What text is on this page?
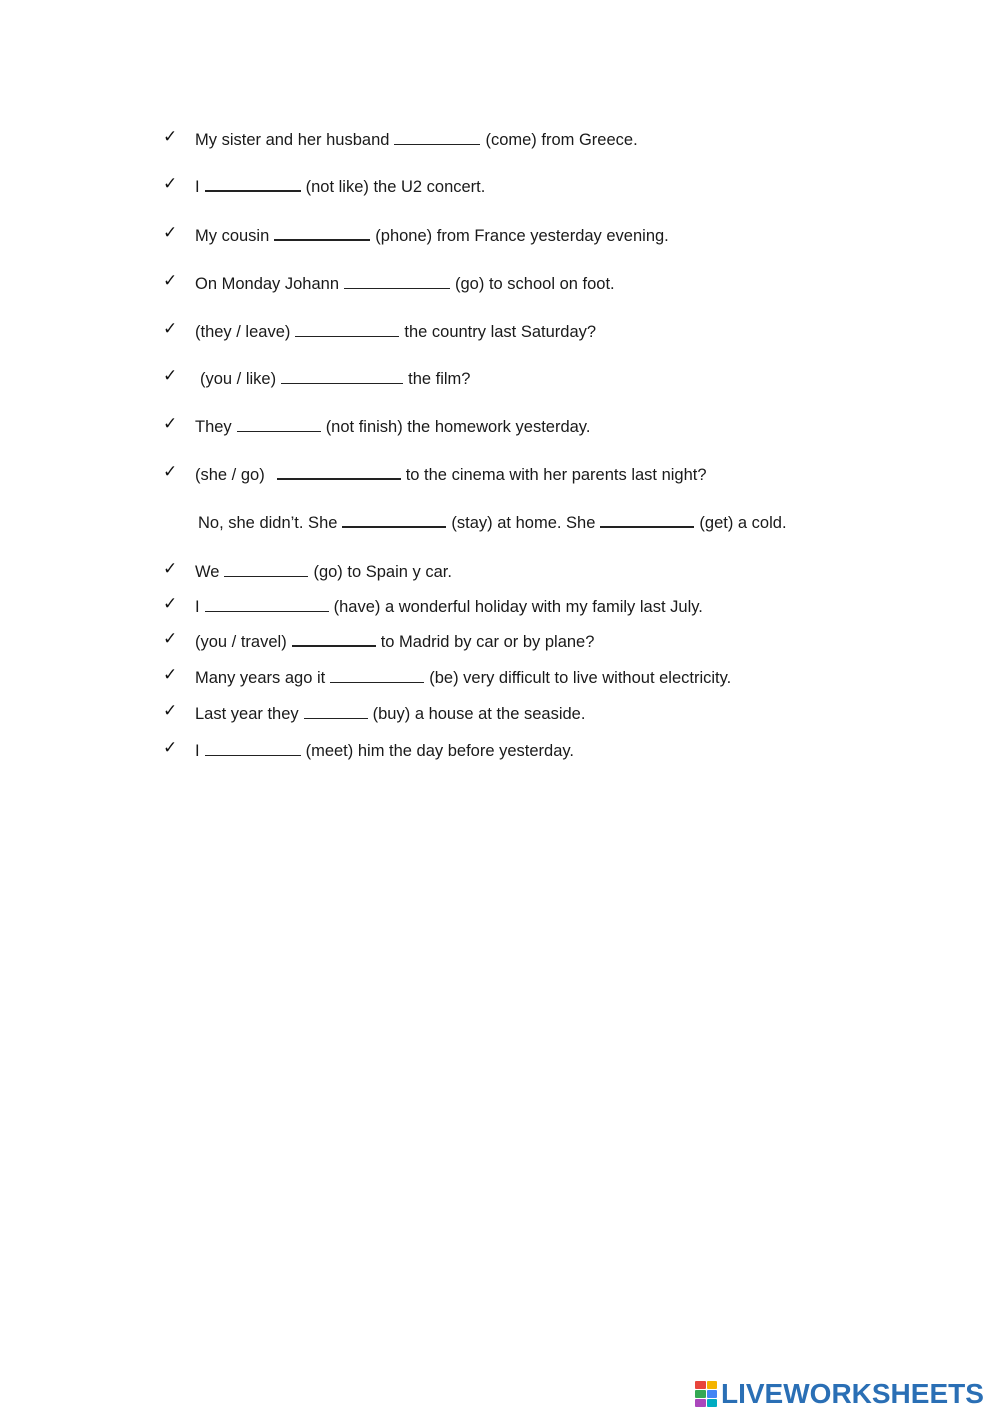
✓ My sister and her husband	(come) from Greece.
✓ I	(not like) the U2 concert.
✓ My cousin	(phone) from France yesterday evening.
✓ On Monday Johann	(go) to school on foot.
✓ (they / leave)	the country last Saturday?
✓ (you / like)	the film?
✓ They	(not finish) the homework yesterday.
✓ (she / go)	to the cinema with her parents last night?
No, she didn’t. She	(stay) at home. She	(get) a cold.
✓ We	(go) to Spain y car.
✓ I	(have) a wonderful holiday with my family last July.
✓ (you / travel)	to Madrid by car or by plane?
✓ Many years ago it	(be) very difficult to live without electricity.
✓ Last year they	(buy) a house at the seaside.
✓ I	(meet) him the day before yesterday.
LIVEWORKSHEETS
